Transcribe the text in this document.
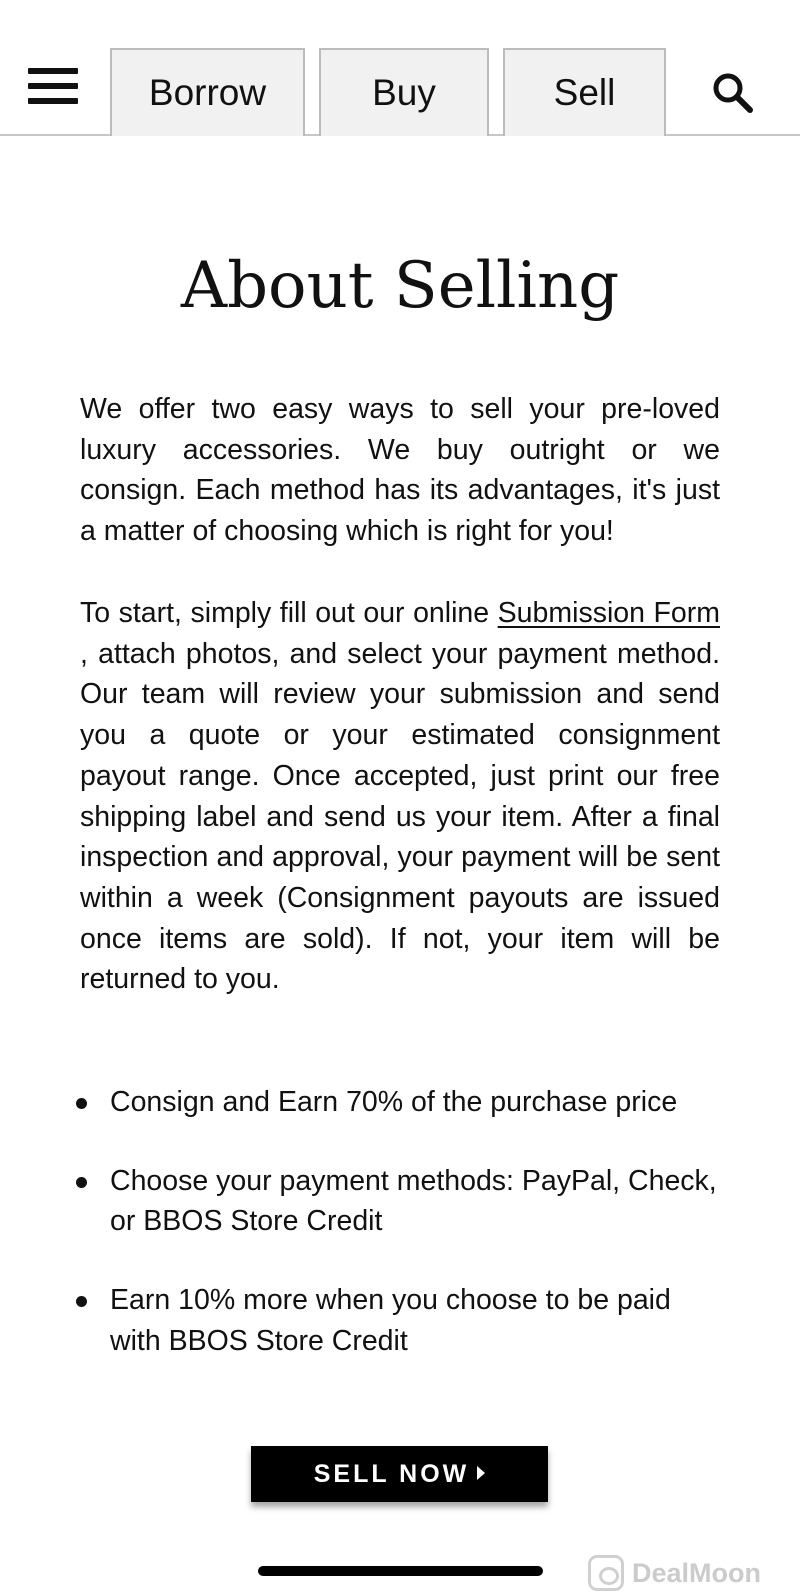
Borrow	Buy	Sell
About Selling

We offer two easy ways to sell your pre-loved luxury accessories. We buy outright or we consign. Each method has its advantages, it's just a matter of choosing which is right for you!

To start, simply fill out our online Submission Form , attach photos, and select your payment method. Our team will review your submission and send you a quote or your estimated consignment payout range. Once accepted, just print our free shipping label and send us your item. After a final inspection and approval, your payment will be sent within a week (Consignment payouts are issued once items are sold). If not, your item will be returned to you.

Consign and Earn 70% of the purchase price
Choose your payment methods: PayPal, Check, or BBOS Store Credit
Earn 10% more when you choose to be paid with BBOS Store Credit
SELL NOW
DealMoon
